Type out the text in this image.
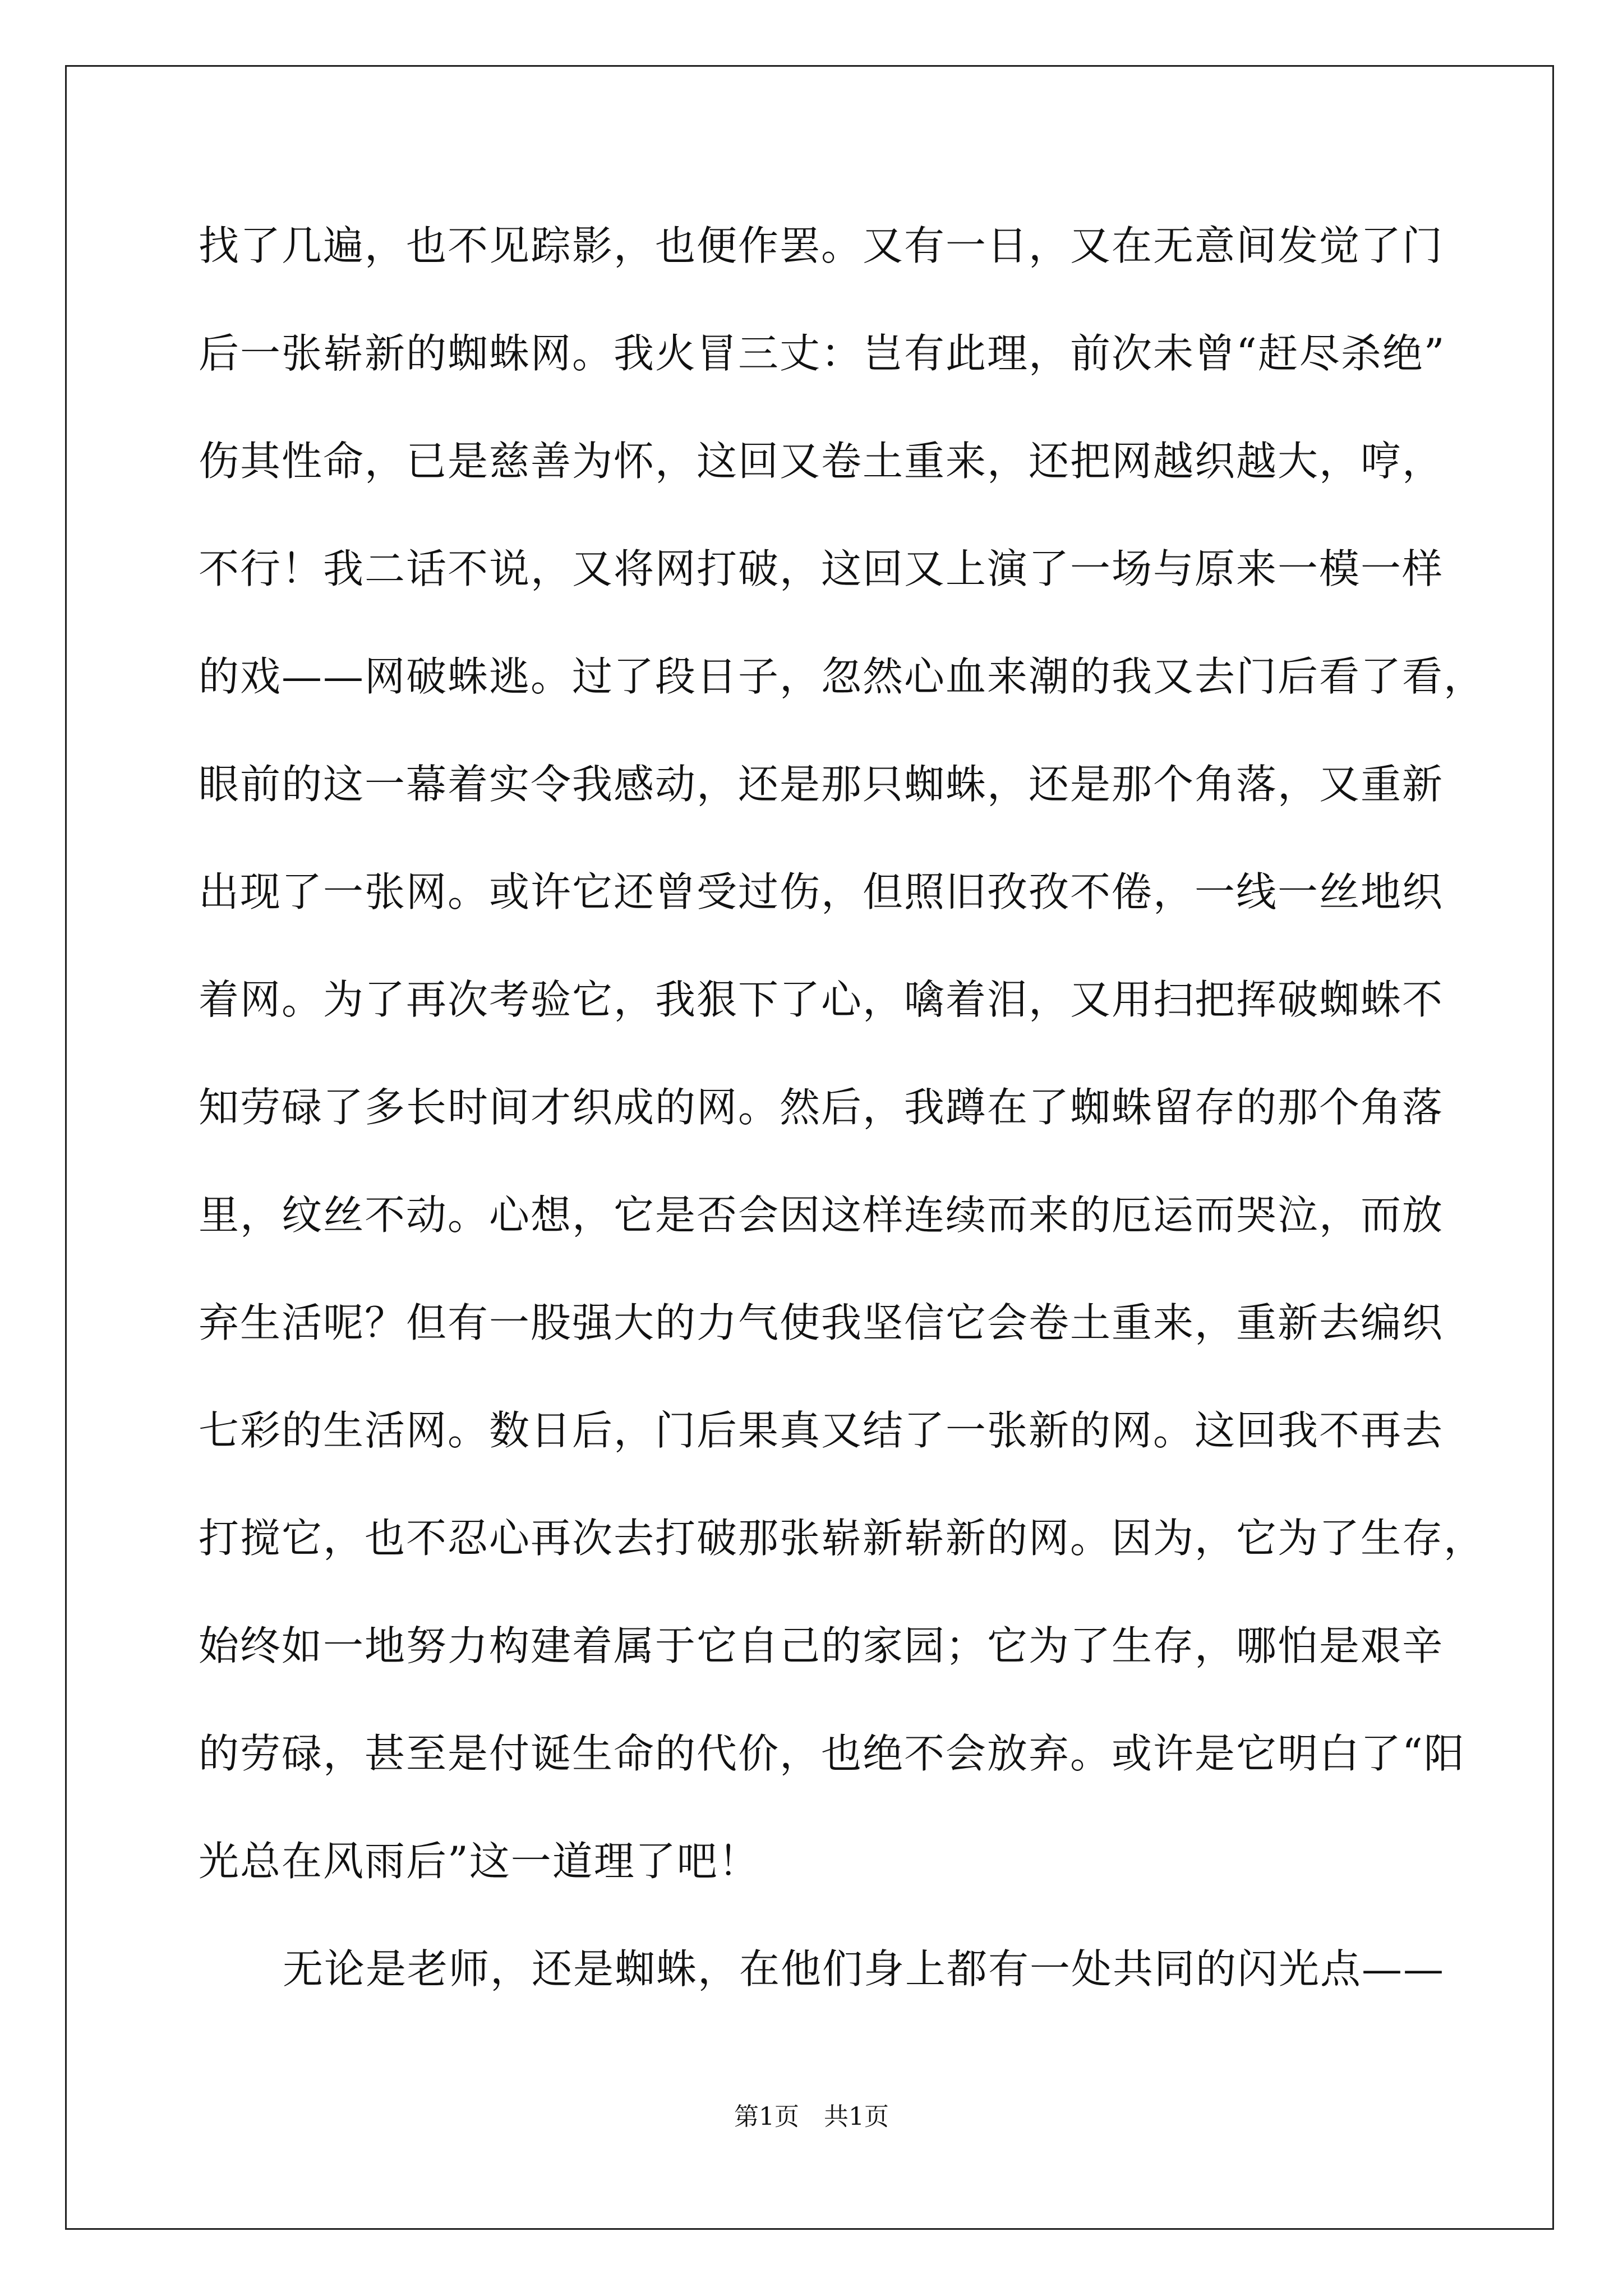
找了几遍，也不见踪影，也便作罢。又有一日，又在无意间发觉了门
后一张崭新的蜘蛛网。我火冒三丈：岂有此理，前次未曾“赶尽杀绝”
伤其性命，已是慈善为怀，这回又卷土重来，还把网越织越大，哼，
不行！我二话不说，又将网打破，这回又上演了一场与原来一模一样
的戏——网破蛛逃。过了段日子，忽然心血来潮的我又去门后看了看，
眼前的这一幕着实令我感动，还是那只蜘蛛，还是那个角落，又重新
出现了一张网。或许它还曾受过伤，但照旧孜孜不倦，一线一丝地织
着网。为了再次考验它，我狠下了心，噙着泪，又用扫把挥破蜘蛛不
知劳碌了多长时间才织成的网。然后，我蹲在了蜘蛛留存的那个角落
里，纹丝不动。心想，它是否会因这样连续而来的厄运而哭泣，而放
弃生活呢？但有一股强大的力气使我坚信它会卷土重来，重新去编织
七彩的生活网。数日后，门后果真又结了一张新的网。这回我不再去
打搅它，也不忍心再次去打破那张崭新崭新的网。因为，它为了生存，
始终如一地努力构建着属于它自己的家园；它为了生存，哪怕是艰辛
的劳碌，甚至是付诞生命的代价，也绝不会放弃。或许是它明白了“阳
光总在风雨后”这一道理了吧！
无论是老师，还是蜘蛛，在他们身上都有一处共同的闪光点——
第1页　共1页
